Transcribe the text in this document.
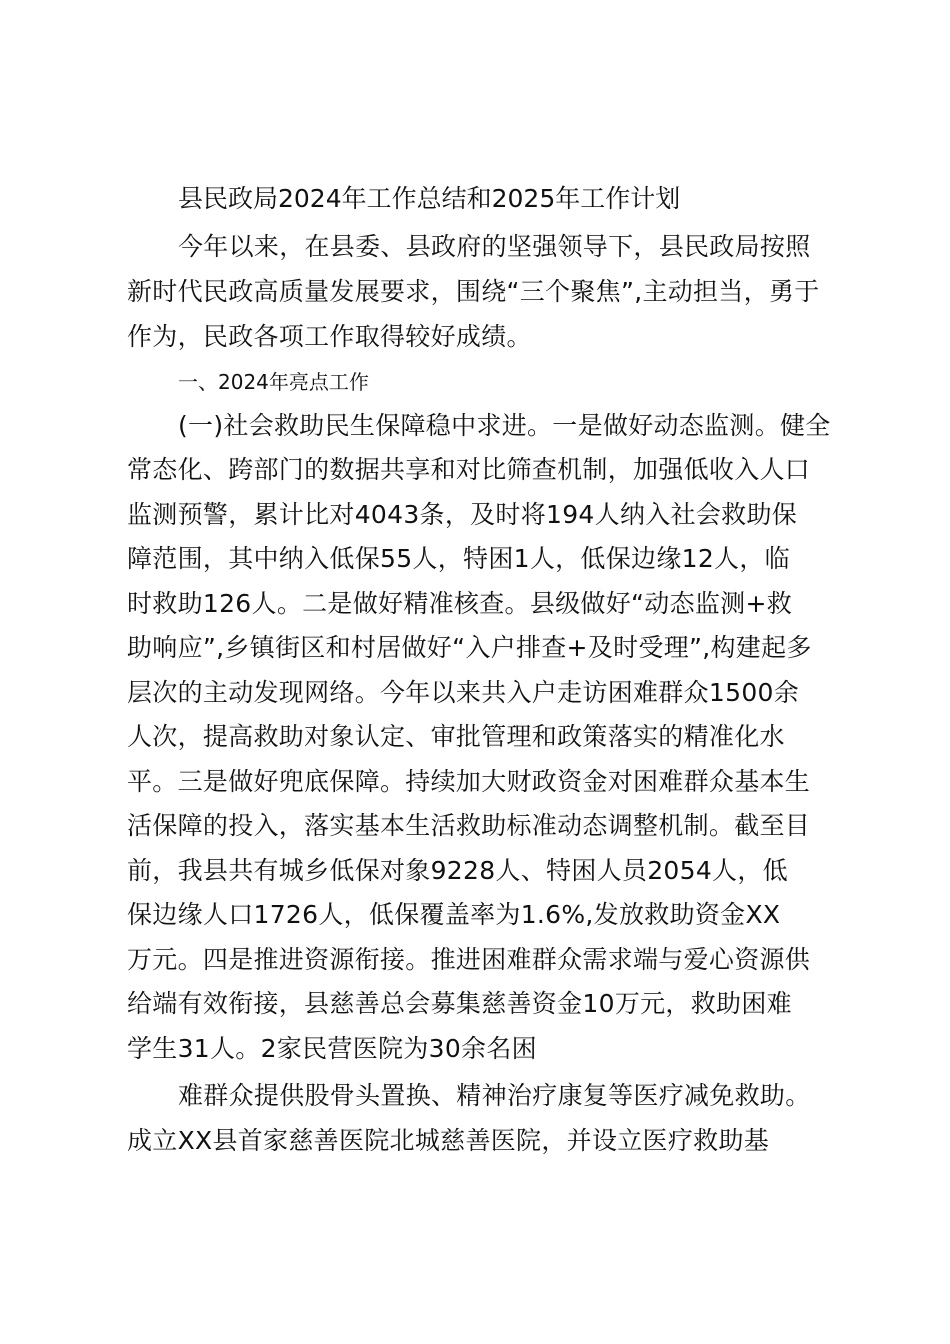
县民政局2024年工作总结和2025年工作计划

今年以来，在县委、县政府的坚强领导下，县民政局按照

新时代民政高质量发展要求，围绕“三个聚焦”,主动担当，勇于

作为，民政各项工作取得较好成绩。

一、2024年亮点工作

(一)社会救助民生保障稳中求进。一是做好动态监测。健全

常态化、跨部门的数据共享和对比筛查机制，加强低收入人口

监测预警，累计比对4043条，及时将194人纳入社会救助保

障范围，其中纳入低保55人，特困1人，低保边缘12人，临

时救助126人。二是做好精准核查。县级做好“动态监测+救

助响应”,乡镇街区和村居做好“入户排查+及时受理”,构建起多

层次的主动发现网络。今年以来共入户走访困难群众1500余

人次，提高救助对象认定、审批管理和政策落实的精准化水

平。三是做好兜底保障。持续加大财政资金对困难群众基本生

活保障的投入，落实基本生活救助标准动态调整机制。截至目

前，我县共有城乡低保对象9228人、特困人员2054人，低

保边缘人口1726人，低保覆盖率为1.6%,发放救助资金XX

万元。四是推进资源衔接。推进困难群众需求端与爱心资源供

给端有效衔接，县慈善总会募集慈善资金10万元，救助困难

学生31人。2家民营医院为30余名困

难群众提供股骨头置换、精神治疗康复等医疗减免救助。

成立XX县首家慈善医院北城慈善医院，并设立医疗救助基
